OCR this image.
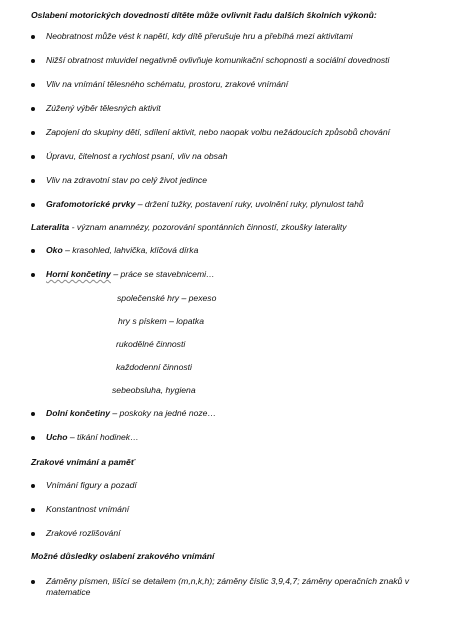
Oslabení motorických dovedností dítěte může ovlivnit řadu dalších školních výkonů:
Neobratnost může vést k napětí, kdy dítě přerušuje hru a přebíhá mezi aktivitami
Nižší obratnost mluvidel negativně ovlivňuje komunikační schopnosti a sociální dovednosti
Vliv na vnímání tělesného schématu, prostoru, zrakové vnímání
Zúžený výběr tělesných aktivit
Zapojení do skupiny dětí, sdílení aktivit, nebo naopak volbu nežádoucích způsobů chování
Úpravu, čitelnost a rychlost psaní, vliv na obsah
Vliv na zdravotní stav po celý život jedince
Grafomotorické prvky – držení tužky, postavení ruky, uvolnění ruky, plynulost tahů
Lateralita - význam anamnézy, pozorování spontánních činností, zkoušky laterality
Oko – krasohled, lahvička, klíčová dírka
Horní končetiny – práce se stavebnicemi…
společenské hry – pexeso
hry s pískem – lopatka
rukodělné činnosti
každodenní činnosti
sebeobsluha, hygiena
Dolní končetiny – poskoky na jedné noze…
Ucho – tikání hodinek…
Zrakové vnímání a paměť
Vnímání figury a pozadí
Konstantnost vnímání
Zrakové rozlišování
Možné důsledky oslabení zrakového vnímání
Záměny písmen, lišící se detailem (m,n,k,h); záměny číslic 3,9,4,7; záměny operačních znaků v matematice
